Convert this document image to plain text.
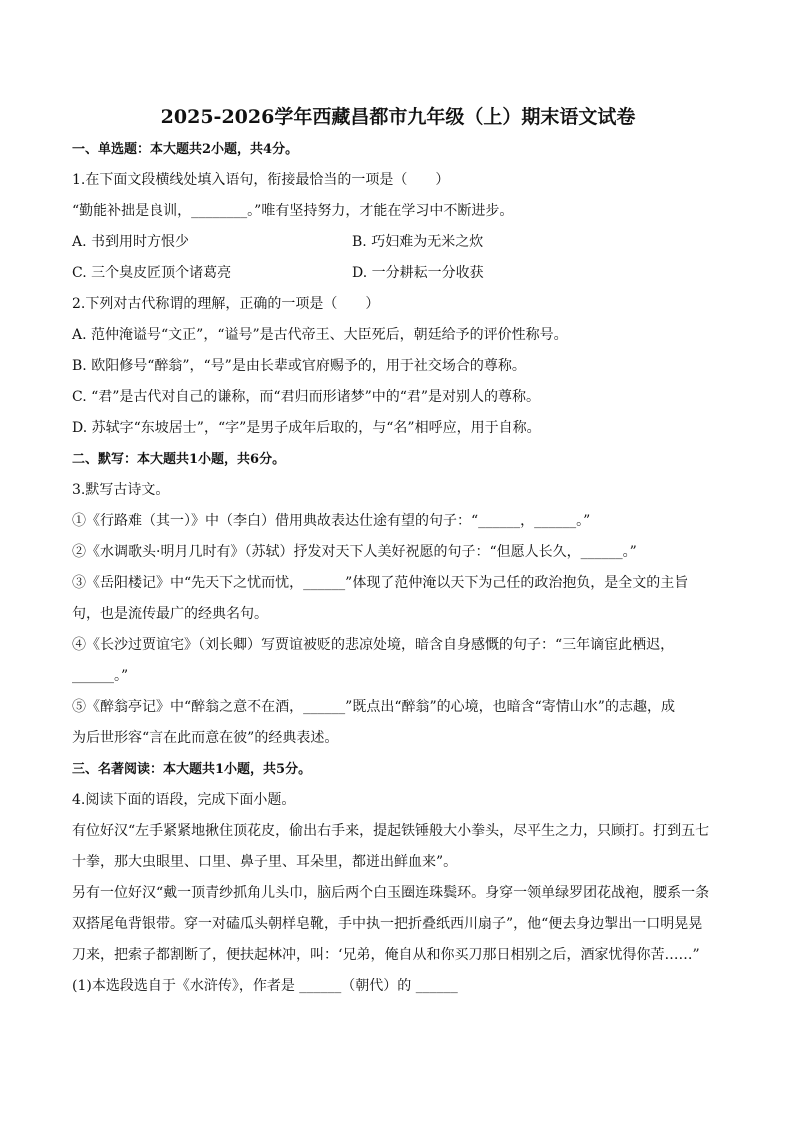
2025-2026学年西藏昌都市九年级（上）期末语文试卷
一、单选题：本大题共2小题，共4分。
1.在下面文段横线处填入语句，衔接最恰当的一项是（　　）
“勤能补拙是良训，________。”唯有坚持努力，才能在学习中不断进步。
A. 书到用时方恨少	B. 巧妇难为无米之炊
C. 三个臭皮匠顶个诸葛亮	D. 一分耕耘一分收获
2.下列对古代称谓的理解，正确的一项是（　　）
A. 范仲淹谥号“文正”，“谥号”是古代帝王、大臣死后，朝廷给予的评价性称号。
B. 欧阳修号“醉翁”，“号”是由长辈或官府赐予的，用于社交场合的尊称。
C. “君”是古代对自己的谦称，而“君归而形诸梦”中的“君”是对别人的尊称。
D. 苏轼字“东坡居士”，“字”是男子成年后取的，与“名”相呼应，用于自称。
二、默写：本大题共1小题，共6分。
3.默写古诗文。
①《行路难（其一）》中（李白）借用典故表达仕途有望的句子：“______，______。”
②《水调歌头·明月几时有》（苏轼）抒发对天下人美好祝愿的句子：“但愿人长久，______。”
③《岳阳楼记》中“先天下之忧而忧，______”体现了范仲淹以天下为己任的政治抱负，是全文的主旨
句，也是流传最广的经典名句。
④《长沙过贾谊宅》（刘长卿）写贾谊被贬的悲凉处境，暗含自身感慨的句子：“三年谪宦此栖迟，
______。”
⑤《醉翁亭记》中“醉翁之意不在酒，______”既点出“醉翁”的心境，也暗含“寄情山水”的志趣，成
为后世形容“言在此而意在彼”的经典表述。
三、名著阅读：本大题共1小题，共5分。
4.阅读下面的语段，完成下面小题。
有位好汉“左手紧紧地揪住顶花皮，偷出右手来，提起铁锤般大小拳头，尽平生之力，只顾打。打到五七
十拳，那大虫眼里、口里、鼻子里、耳朵里，都迸出鲜血来”。
另有一位好汉“戴一顶青纱抓角儿头巾，脑后两个白玉圈连珠鬓环。身穿一领单绿罗团花战袍，腰系一条
双搭尾龟背银带。穿一对磕瓜头朝样皂靴，手中执一把折叠纸西川扇子”，他“便去身边掣出一口明晃晃
刀来，把索子都割断了，便扶起林冲，叫：‘兄弟，俺自从和你买刀那日相别之后，酒家忧得你苦……”
(1)本选段选自于《水浒传》，作者是 ______（朝代）的 ______
